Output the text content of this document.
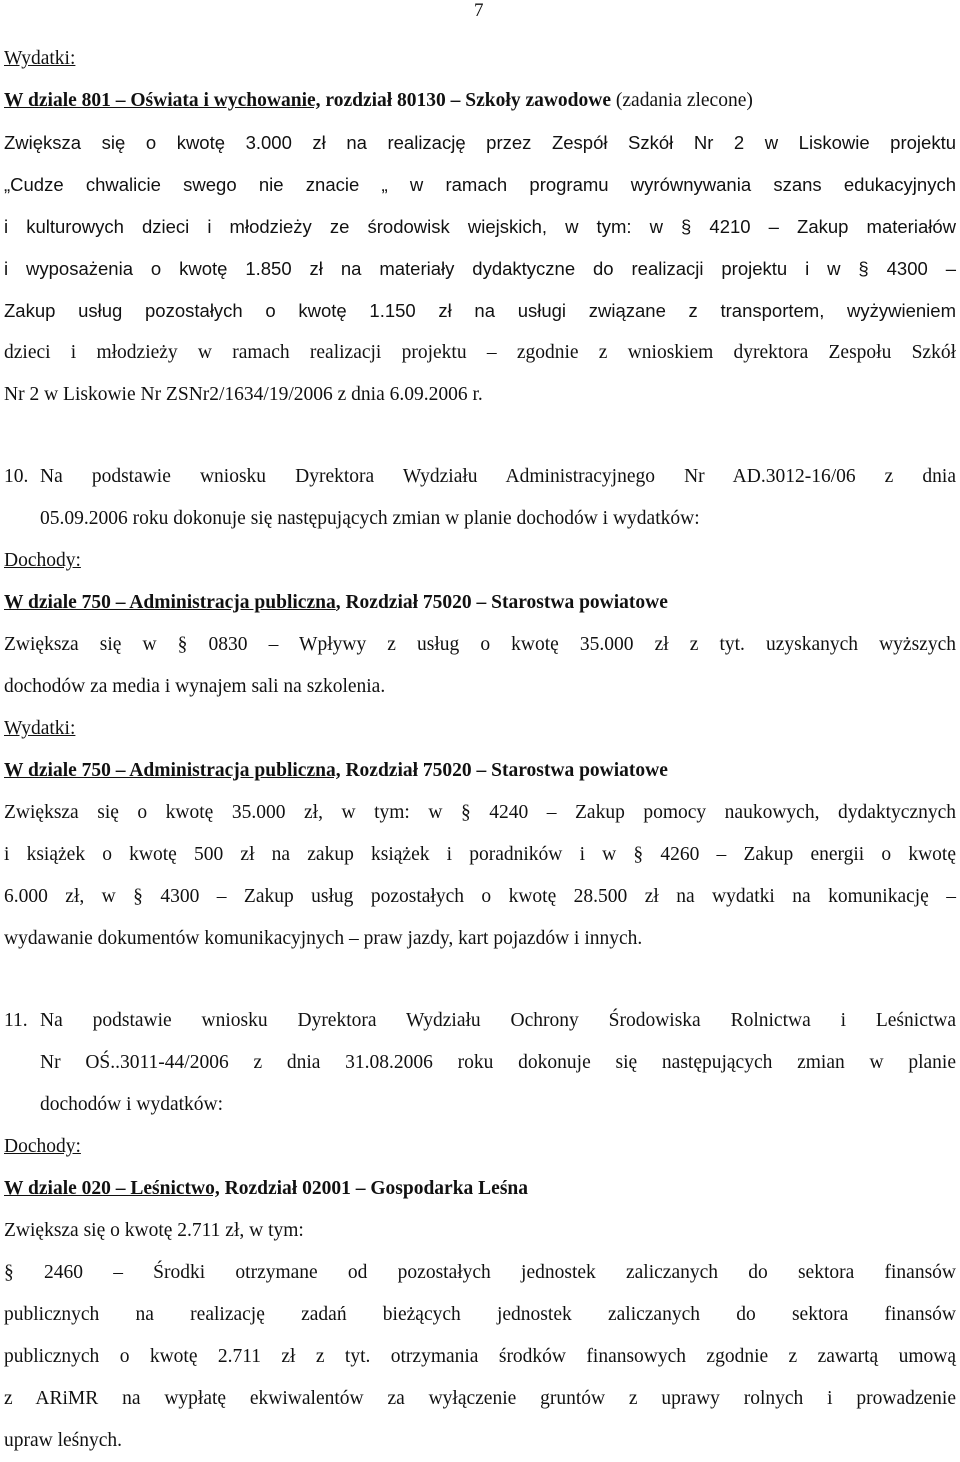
7
Wydatki:
W dziale 801 – Oświata i wychowanie, rozdział 80130 – Szkoły zawodowe (zadania zlecone)
Zwiększa się o kwotę 3.000 zł na realizację przez Zespół Szkół Nr 2 w Liskowie projektu
„Cudze chwalicie swego nie znacie „ w ramach programu wyrównywania szans edukacyjnych
i kulturowych dzieci i młodzieży ze środowisk wiejskich, w tym: w § 4210 – Zakup materiałów
i wyposażenia o kwotę 1.850 zł na materiały dydaktyczne do realizacji projektu i w § 4300 –
Zakup usług pozostałych o kwotę 1.150 zł na usługi związane z transportem, wyżywieniem
dzieci i młodzieży w ramach realizacji projektu – zgodnie z wnioskiem dyrektora Zespołu Szkół
Nr 2 w Liskowie Nr ZSNr2/1634/19/2006 z dnia 6.09.2006 r.
10. Na podstawie wniosku Dyrektora Wydziału Administracyjnego Nr AD.3012-16/06 z dnia
05.09.2006 roku dokonuje się następujących zmian w planie dochodów i wydatków:
Dochody:
W dziale 750 – Administracja publiczna, Rozdział 75020 – Starostwa powiatowe
Zwiększa się w § 0830 – Wpływy z usług o kwotę 35.000 zł z tyt. uzyskanych wyższych
dochodów za media i wynajem sali na szkolenia.
Wydatki:
W dziale 750 – Administracja publiczna, Rozdział 75020 – Starostwa powiatowe
Zwiększa się o kwotę 35.000 zł, w tym: w § 4240 – Zakup pomocy naukowych, dydaktycznych
i książek o kwotę 500 zł na zakup książek i poradników i w § 4260 – Zakup energii o kwotę
6.000 zł, w § 4300 – Zakup usług pozostałych o kwotę 28.500 zł na wydatki na komunikację –
wydawanie dokumentów komunikacyjnych – praw jazdy, kart pojazdów i innych.
11. Na podstawie wniosku Dyrektora Wydziału Ochrony Środowiska Rolnictwa i Leśnictwa
Nr OŚ..3011-44/2006 z dnia 31.08.2006 roku dokonuje się następujących zmian w planie
dochodów i wydatków:
Dochody:
W dziale 020 – Leśnictwo, Rozdział 02001 – Gospodarka Leśna
Zwiększa się o kwotę 2.711 zł, w tym:
§ 2460 – Środki otrzymane od pozostałych jednostek zaliczanych do sektora finansów
publicznych na realizację zadań bieżących jednostek zaliczanych do sektora finansów
publicznych o kwotę 2.711 zł z tyt. otrzymania środków finansowych zgodnie z zawartą umową
z ARiMR na wypłatę ekwiwalentów za wyłączenie gruntów z uprawy rolnych i prowadzenie
upraw leśnych.
